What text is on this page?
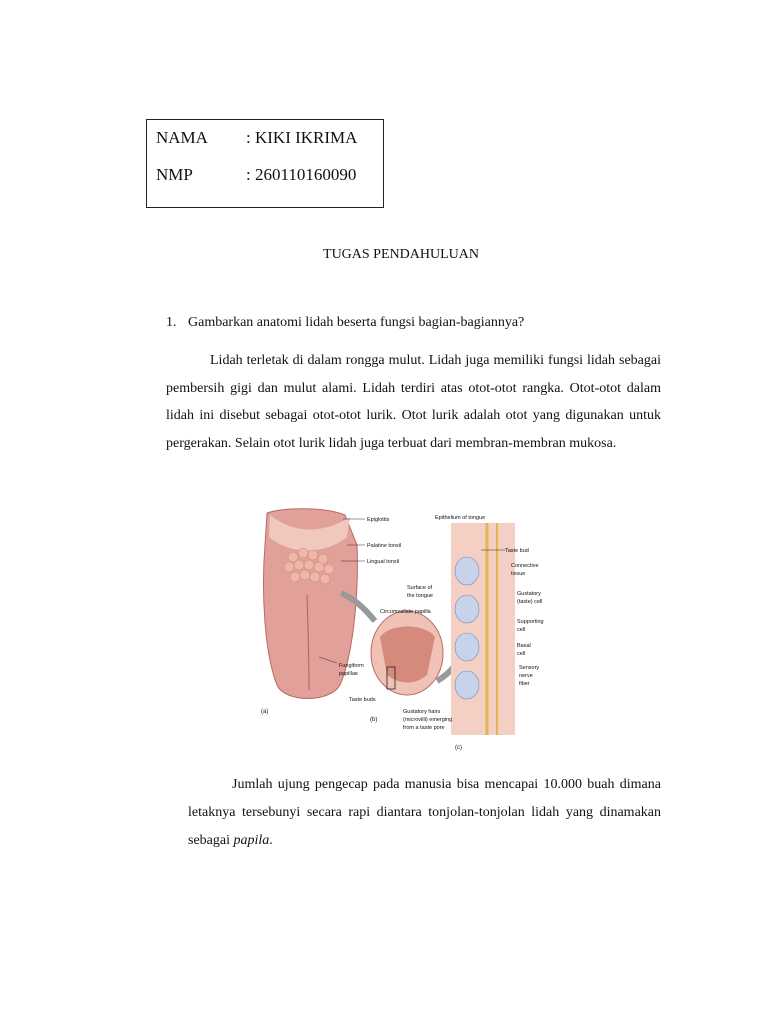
NAMA : KIKI IKRIMA
NMP	: 260110160090
TUGAS PENDAHULUAN
1. Gambarkan anatomi lidah beserta fungsi bagian-bagiannya?
Lidah terletak di dalam rongga mulut. Lidah juga memiliki fungsi lidah sebagai pembersih gigi dan mulut alami. Lidah terdiri atas otot-otot rangka. Otot-otot dalam lidah ini disebut sebagai otot-otot lurik. Otot lurik adalah otot yang digunakan untuk pergerakan. Selain otot lurik lidah juga terbuat dari membran-membran mukosa.
Epiglottis
Palatine tonsil
Lingual tonsil
Surface of
the tongue
Circumvallate papilla
Fungiform
papillae
Taste buds
Gustatory hairs
(microvilli) emerging
from a taste pore
Epithelium of tongue
Taste bud
Connective
tissue
Gustatory
(taste) cell
Supporting
cell
Basal
cell
Sensory
nerve
fiber
(a)
(b)
(c)
Jumlah ujung pengecap pada manusia bisa mencapai 10.000 buah dimana letaknya tersebunyi secara rapi diantara tonjolan-tonjolan lidah yang dinamakan sebagai papila.
